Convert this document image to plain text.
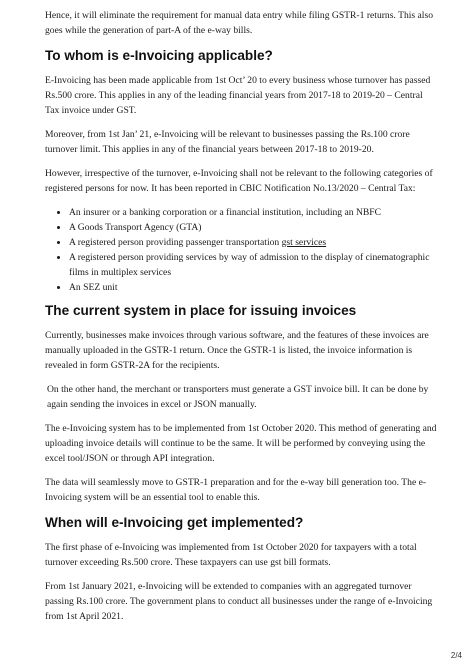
Hence, it will eliminate the requirement for manual data entry while filing GSTR-1 returns. This also goes while the generation of part-A of the e-way bills.

To whom is e-Invoicing applicable?

E-Invoicing has been made applicable from 1st Oct’ 20 to every business whose turnover has passed Rs.500 crore. This applies in any of the leading financial years from 2017-18 to 2019-20 – Central Tax invoice under GST.

Moreover, from 1st Jan’ 21, e-Invoicing will be relevant to businesses passing the Rs.100 crore turnover limit. This applies in any of the financial years between 2017-18 to 2019-20.

However, irrespective of the turnover, e-Invoicing shall not be relevant to the following categories of registered persons for now. It has been reported in CBIC Notification No.13/2020 – Central Tax:

• An insurer or a banking corporation or a financial institution, including an NBFC
• A Goods Transport Agency (GTA)
• A registered person providing passenger transportation gst services
• A registered person providing services by way of admission to the display of cinematographic films in multiplex services
• An SEZ unit
The current system in place for issuing invoices

Currently, businesses make invoices through various software, and the features of these invoices are manually uploaded in the GSTR-1 return. Once the GSTR-1 is listed, the invoice information is revealed in form GSTR-2A for the recipients.

On the other hand, the merchant or transporters must generate a GST invoice bill. It can be done by again sending the invoices in excel or JSON manually.

The e-Invoicing system has to be implemented from 1st October 2020. This method of generating and uploading invoice details will continue to be the same. It will be performed by conveying using the excel tool/JSON or through API integration.

The data will seamlessly move to GSTR-1 preparation and for the e-way bill generation too. The e-Invoicing system will be an essential tool to enable this.

When will e-Invoicing get implemented?

The first phase of e-Invoicing was implemented from 1st October 2020 for taxpayers with a total turnover exceeding Rs.500 crore. These taxpayers can use gst bill formats.

From 1st January 2021, e-Invoicing will be extended to companies with an aggregated turnover passing Rs.100 crore. The government plans to conduct all businesses under the range of e-Invoicing from 1st April 2021.

2/4
